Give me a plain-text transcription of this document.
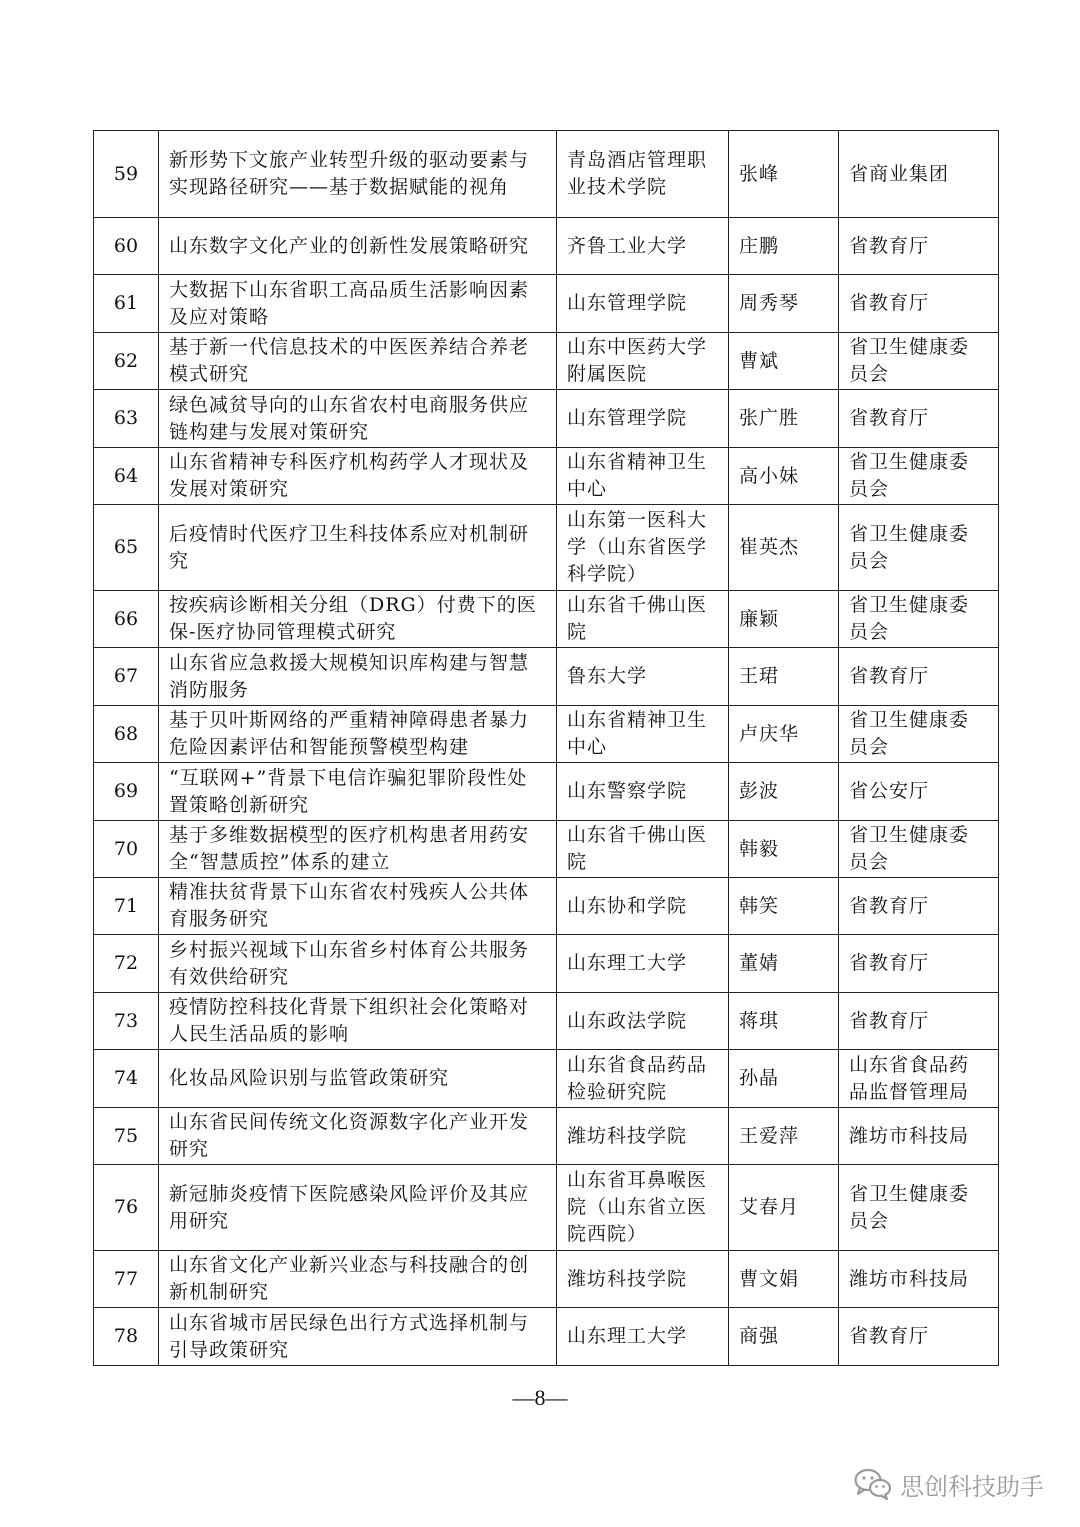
59	新形势下文旅产业转型升级的驱动要素与实现路径研究——基于数据赋能的视角	青岛酒店管理职业技术学院	张峰	省商业集团
60	山东数字文化产业的创新性发展策略研究	齐鲁工业大学	庄鹏	省教育厅
61	大数据下山东省职工高品质生活影响因素及应对策略	山东管理学院	周秀琴	省教育厅
62	基于新一代信息技术的中医医养结合养老模式研究	山东中医药大学附属医院	曹斌	省卫生健康委员会
63	绿色减贫导向的山东省农村电商服务供应链构建与发展对策研究	山东管理学院	张广胜	省教育厅
64	山东省精神专科医疗机构药学人才现状及发展对策研究	山东省精神卫生中心	高小妹	省卫生健康委员会
65	后疫情时代医疗卫生科技体系应对机制研究	山东第一医科大学（山东省医学科学院）	崔英杰	省卫生健康委员会
66	按疾病诊断相关分组（DRG）付费下的医保-医疗协同管理模式研究	山东省千佛山医院	廉颖	省卫生健康委员会
67	山东省应急救援大规模知识库构建与智慧消防服务	鲁东大学	王珺	省教育厅
68	基于贝叶斯网络的严重精神障碍患者暴力危险因素评估和智能预警模型构建	山东省精神卫生中心	卢庆华	省卫生健康委员会
69	“互联网+”背景下电信诈骗犯罪阶段性处置策略创新研究	山东警察学院	彭波	省公安厅
70	基于多维数据模型的医疗机构患者用药安全“智慧质控”体系的建立	山东省千佛山医院	韩毅	省卫生健康委员会
71	精准扶贫背景下山东省农村残疾人公共体育服务研究	山东协和学院	韩笑	省教育厅
72	乡村振兴视域下山东省乡村体育公共服务有效供给研究	山东理工大学	董婧	省教育厅
73	疫情防控科技化背景下组织社会化策略对人民生活品质的影响	山东政法学院	蒋琪	省教育厅
74	化妆品风险识别与监管政策研究	山东省食品药品检验研究院	孙晶	山东省食品药品监督管理局
75	山东省民间传统文化资源数字化产业开发研究	潍坊科技学院	王爱萍	潍坊市科技局
76	新冠肺炎疫情下医院感染风险评价及其应用研究	山东省耳鼻喉医院（山东省立医院西院）	艾春月	省卫生健康委员会
77	山东省文化产业新兴业态与科技融合的创新机制研究	潍坊科技学院	曹文娟	潍坊市科技局
78	山东省城市居民绿色出行方式选择机制与引导政策研究	山东理工大学	商强	省教育厅
—8—
思创科技助手
